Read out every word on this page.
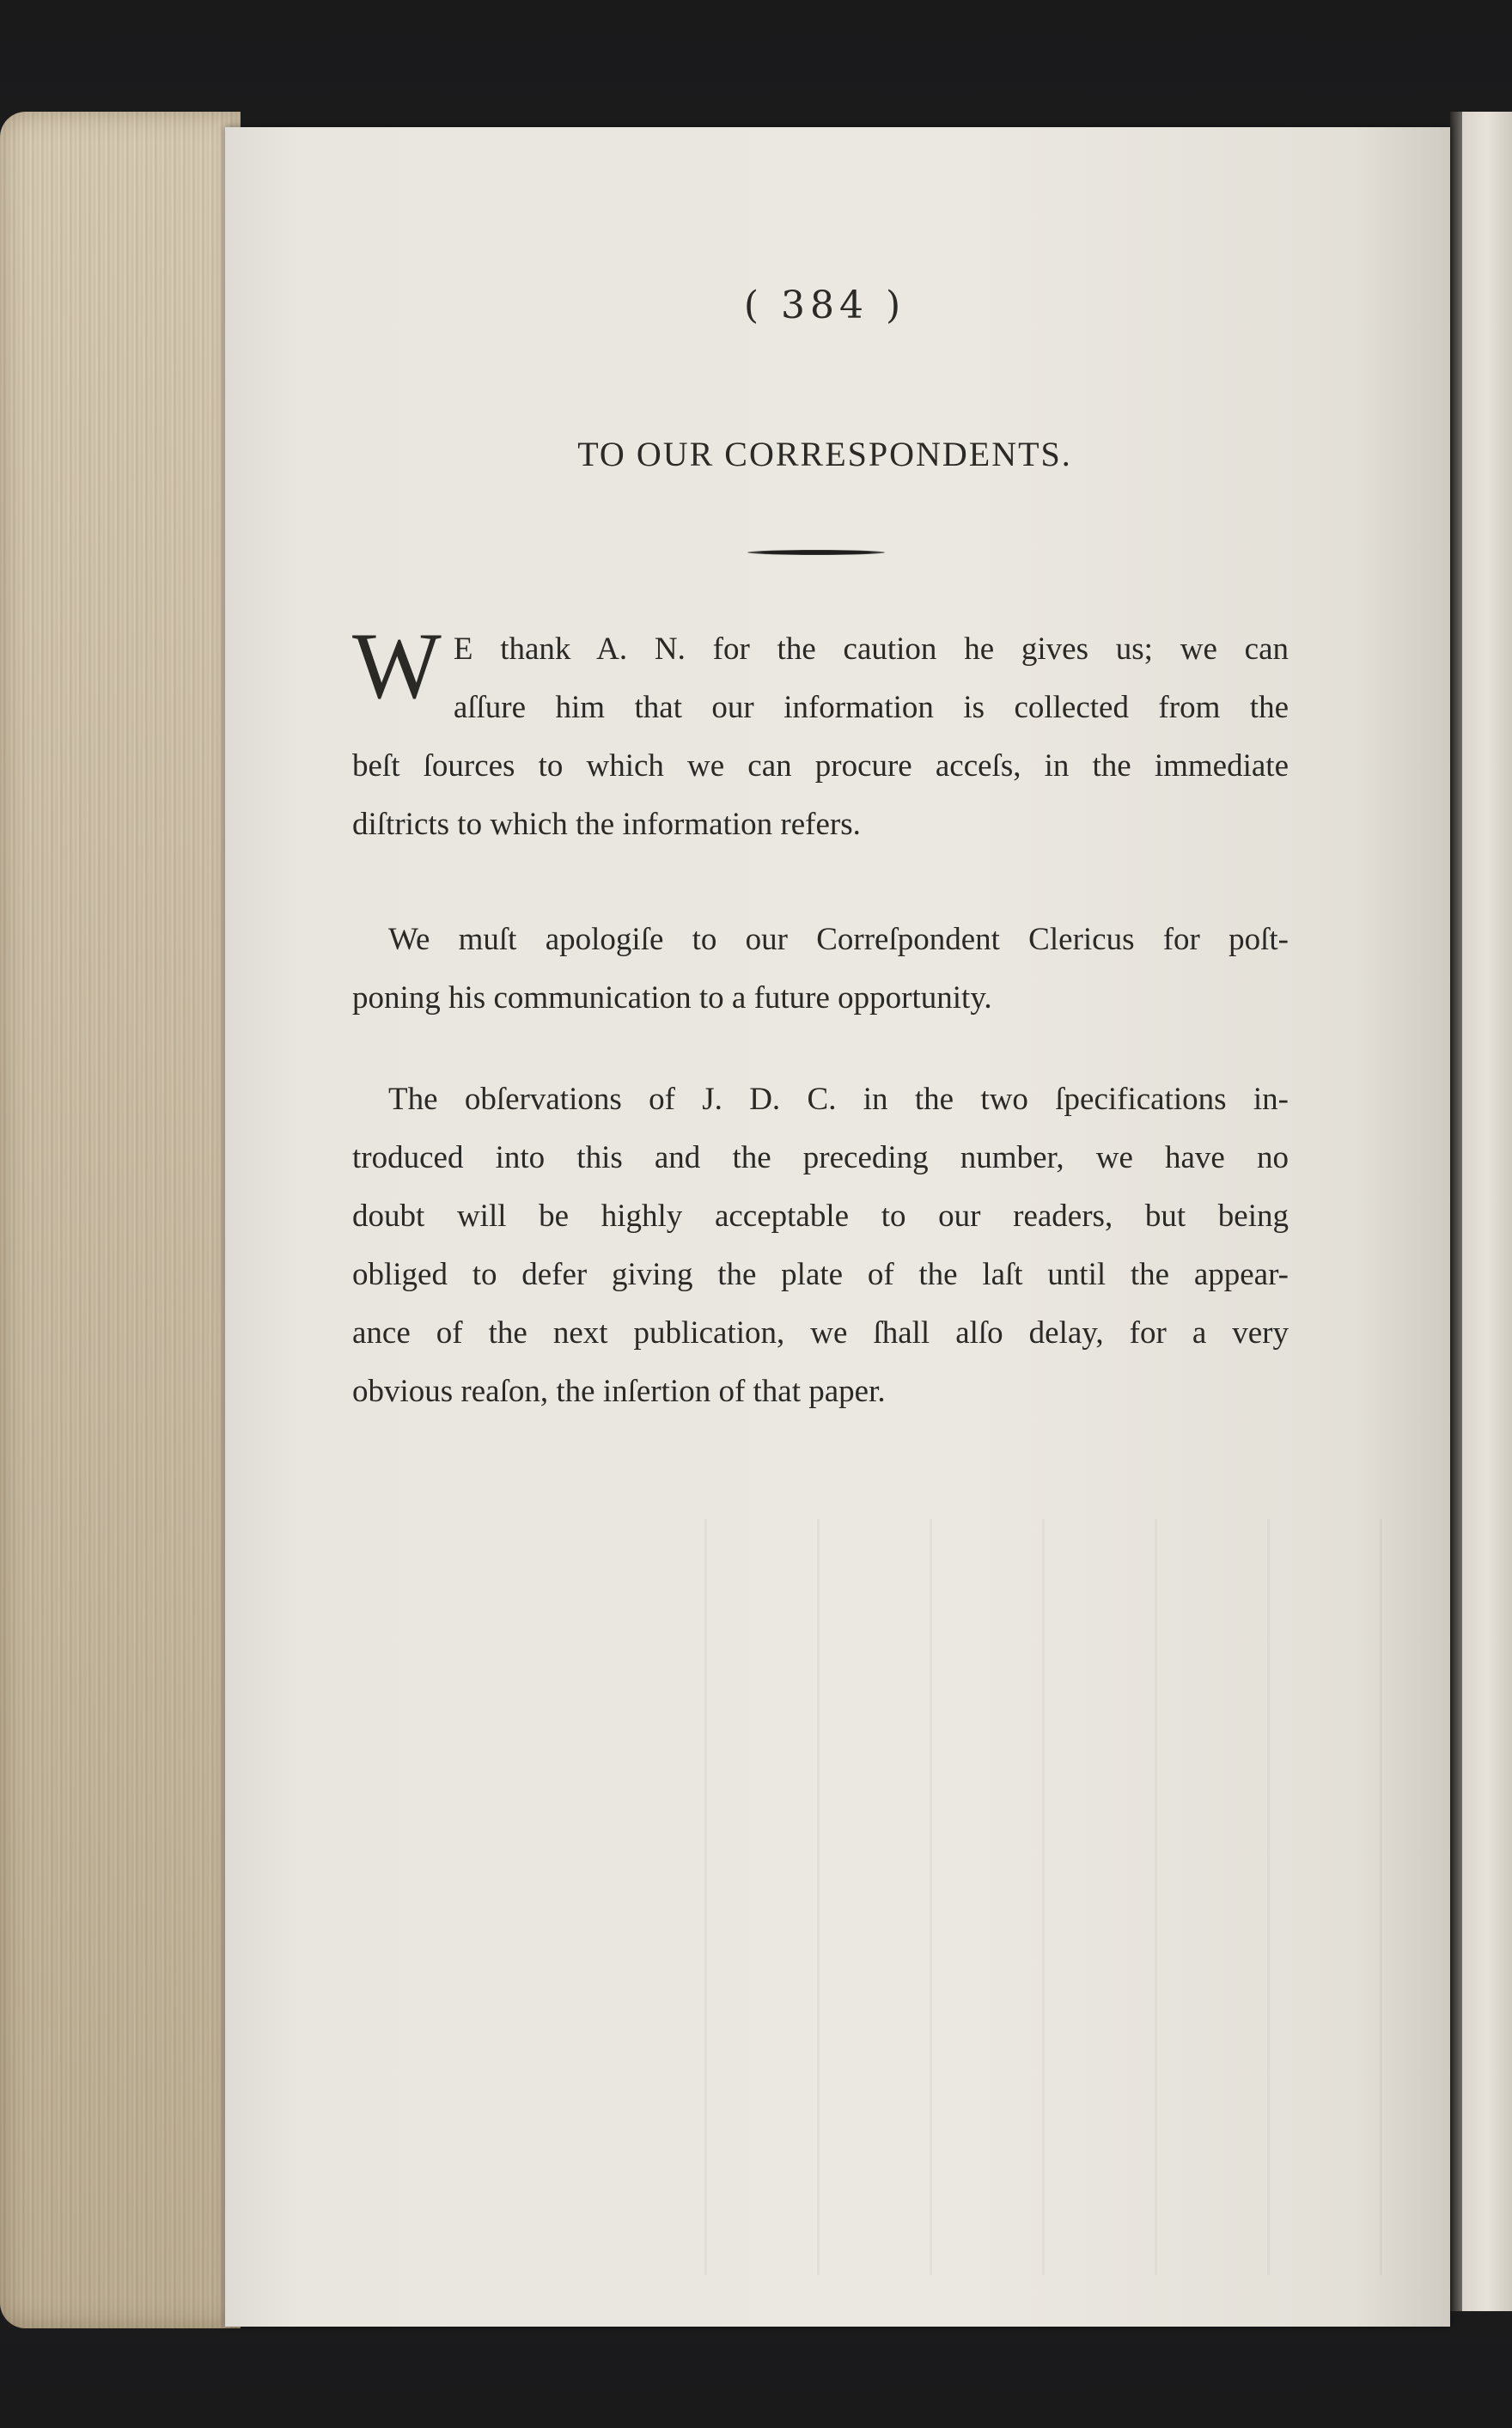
( 384 )
TO OUR CORRESPONDENTS.
W E thank A. N. for the caution he gives us; we can
aſſure him that our information is collected from the
beſt ſources to which we can procure acceſs, in the immediate
diſtricts to which the information refers.
We muſt apologiſe to our Correſpondent Clericus for poſt-
poning his communication to a future opportunity.
The obſervations of J. D. C. in the two ſpecifications in-
troduced into this and the preceding number, we have no
doubt will be highly acceptable to our readers, but being
obliged to defer giving the plate of the laſt until the appear-
ance of the next publication, we ſhall alſo delay, for a very
obvious reaſon, the inſertion of that paper.
